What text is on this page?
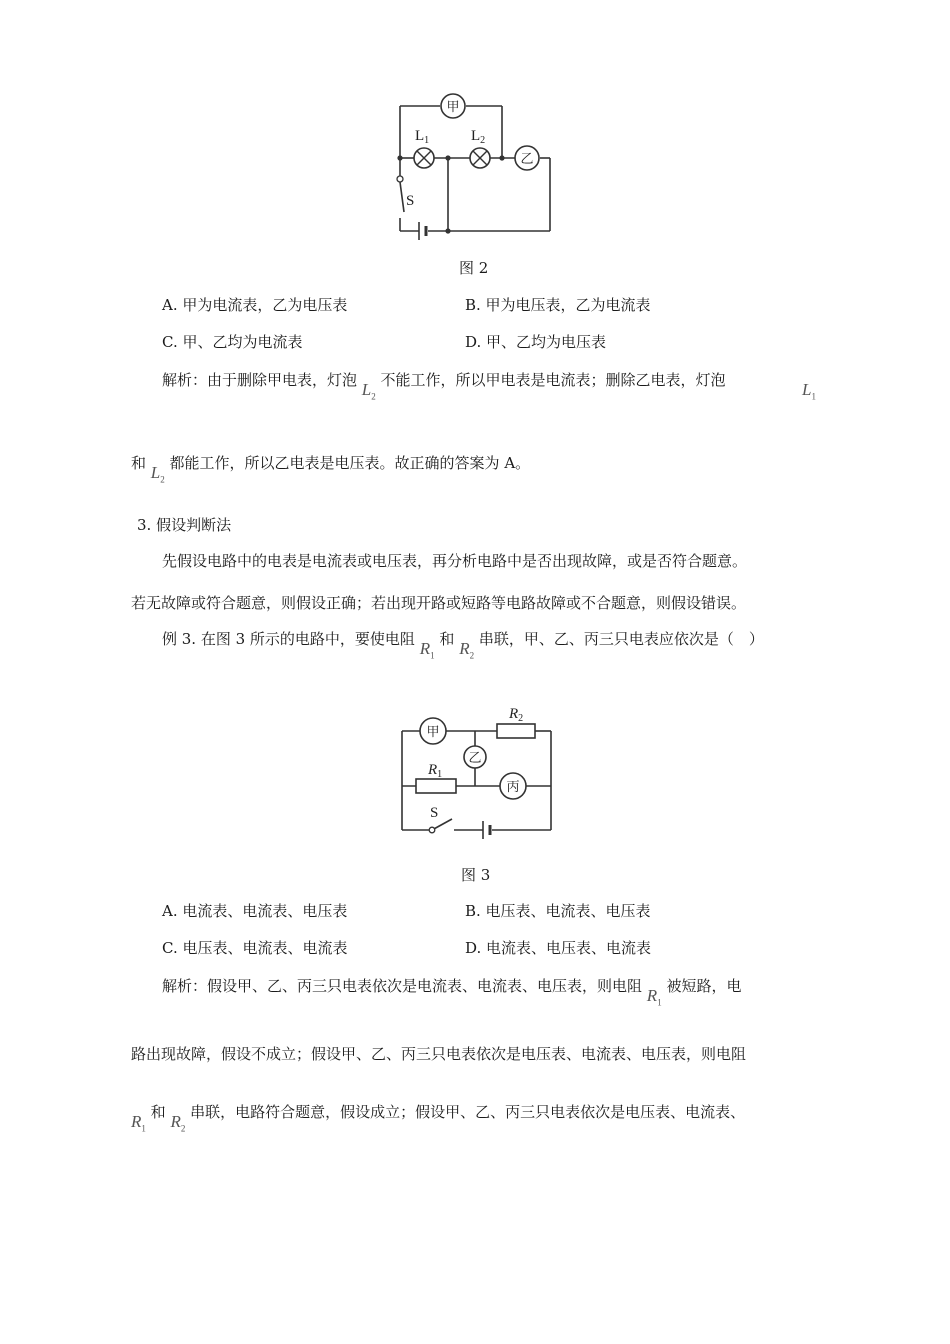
甲
$L_1$	$L_2$
乙
S
图 2
A. 甲为电流表，乙为电压表	B. 甲为电压表，乙为电流表
C. 甲、乙均为电流表	D. 甲、乙均为电压表
解析：由于删除甲电表，灯泡 $L_2$ 不能工作，所以甲电表是电流表；删除乙电表，灯泡	$L_1$
和 $L_2$ 都能工作，所以乙电表是电压表。故正确的答案为 A。
3. 假设判断法
先假设电路中的电表是电流表或电压表，再分析电路中是否出现故障，或是否符合题意。
若无故障或符合题意，则假设正确；若出现开路或短路等电路故障或不合题意，则假设错误。
例 3. 在图 3 所示的电路中，要使电阻 $R_1$ 和 $R_2$ 串联，甲、乙、丙三只电表应依次是（　）
$R_2$
$R_1$
甲
乙
丙
S
图 3
A. 电流表、电流表、电压表	B. 电压表、电流表、电压表
C. 电压表、电流表、电流表	D. 电流表、电压表、电流表
解析：假设甲、乙、丙三只电表依次是电流表、电流表、电压表，则电阻 $R_1$ 被短路，电
路出现故障，假设不成立；假设甲、乙、丙三只电表依次是电压表、电流表、电压表，则电阻
$R_1$ 和 $R_2$ 串联，电路符合题意，假设成立；假设甲、乙、丙三只电表依次是电压表、电流表、
